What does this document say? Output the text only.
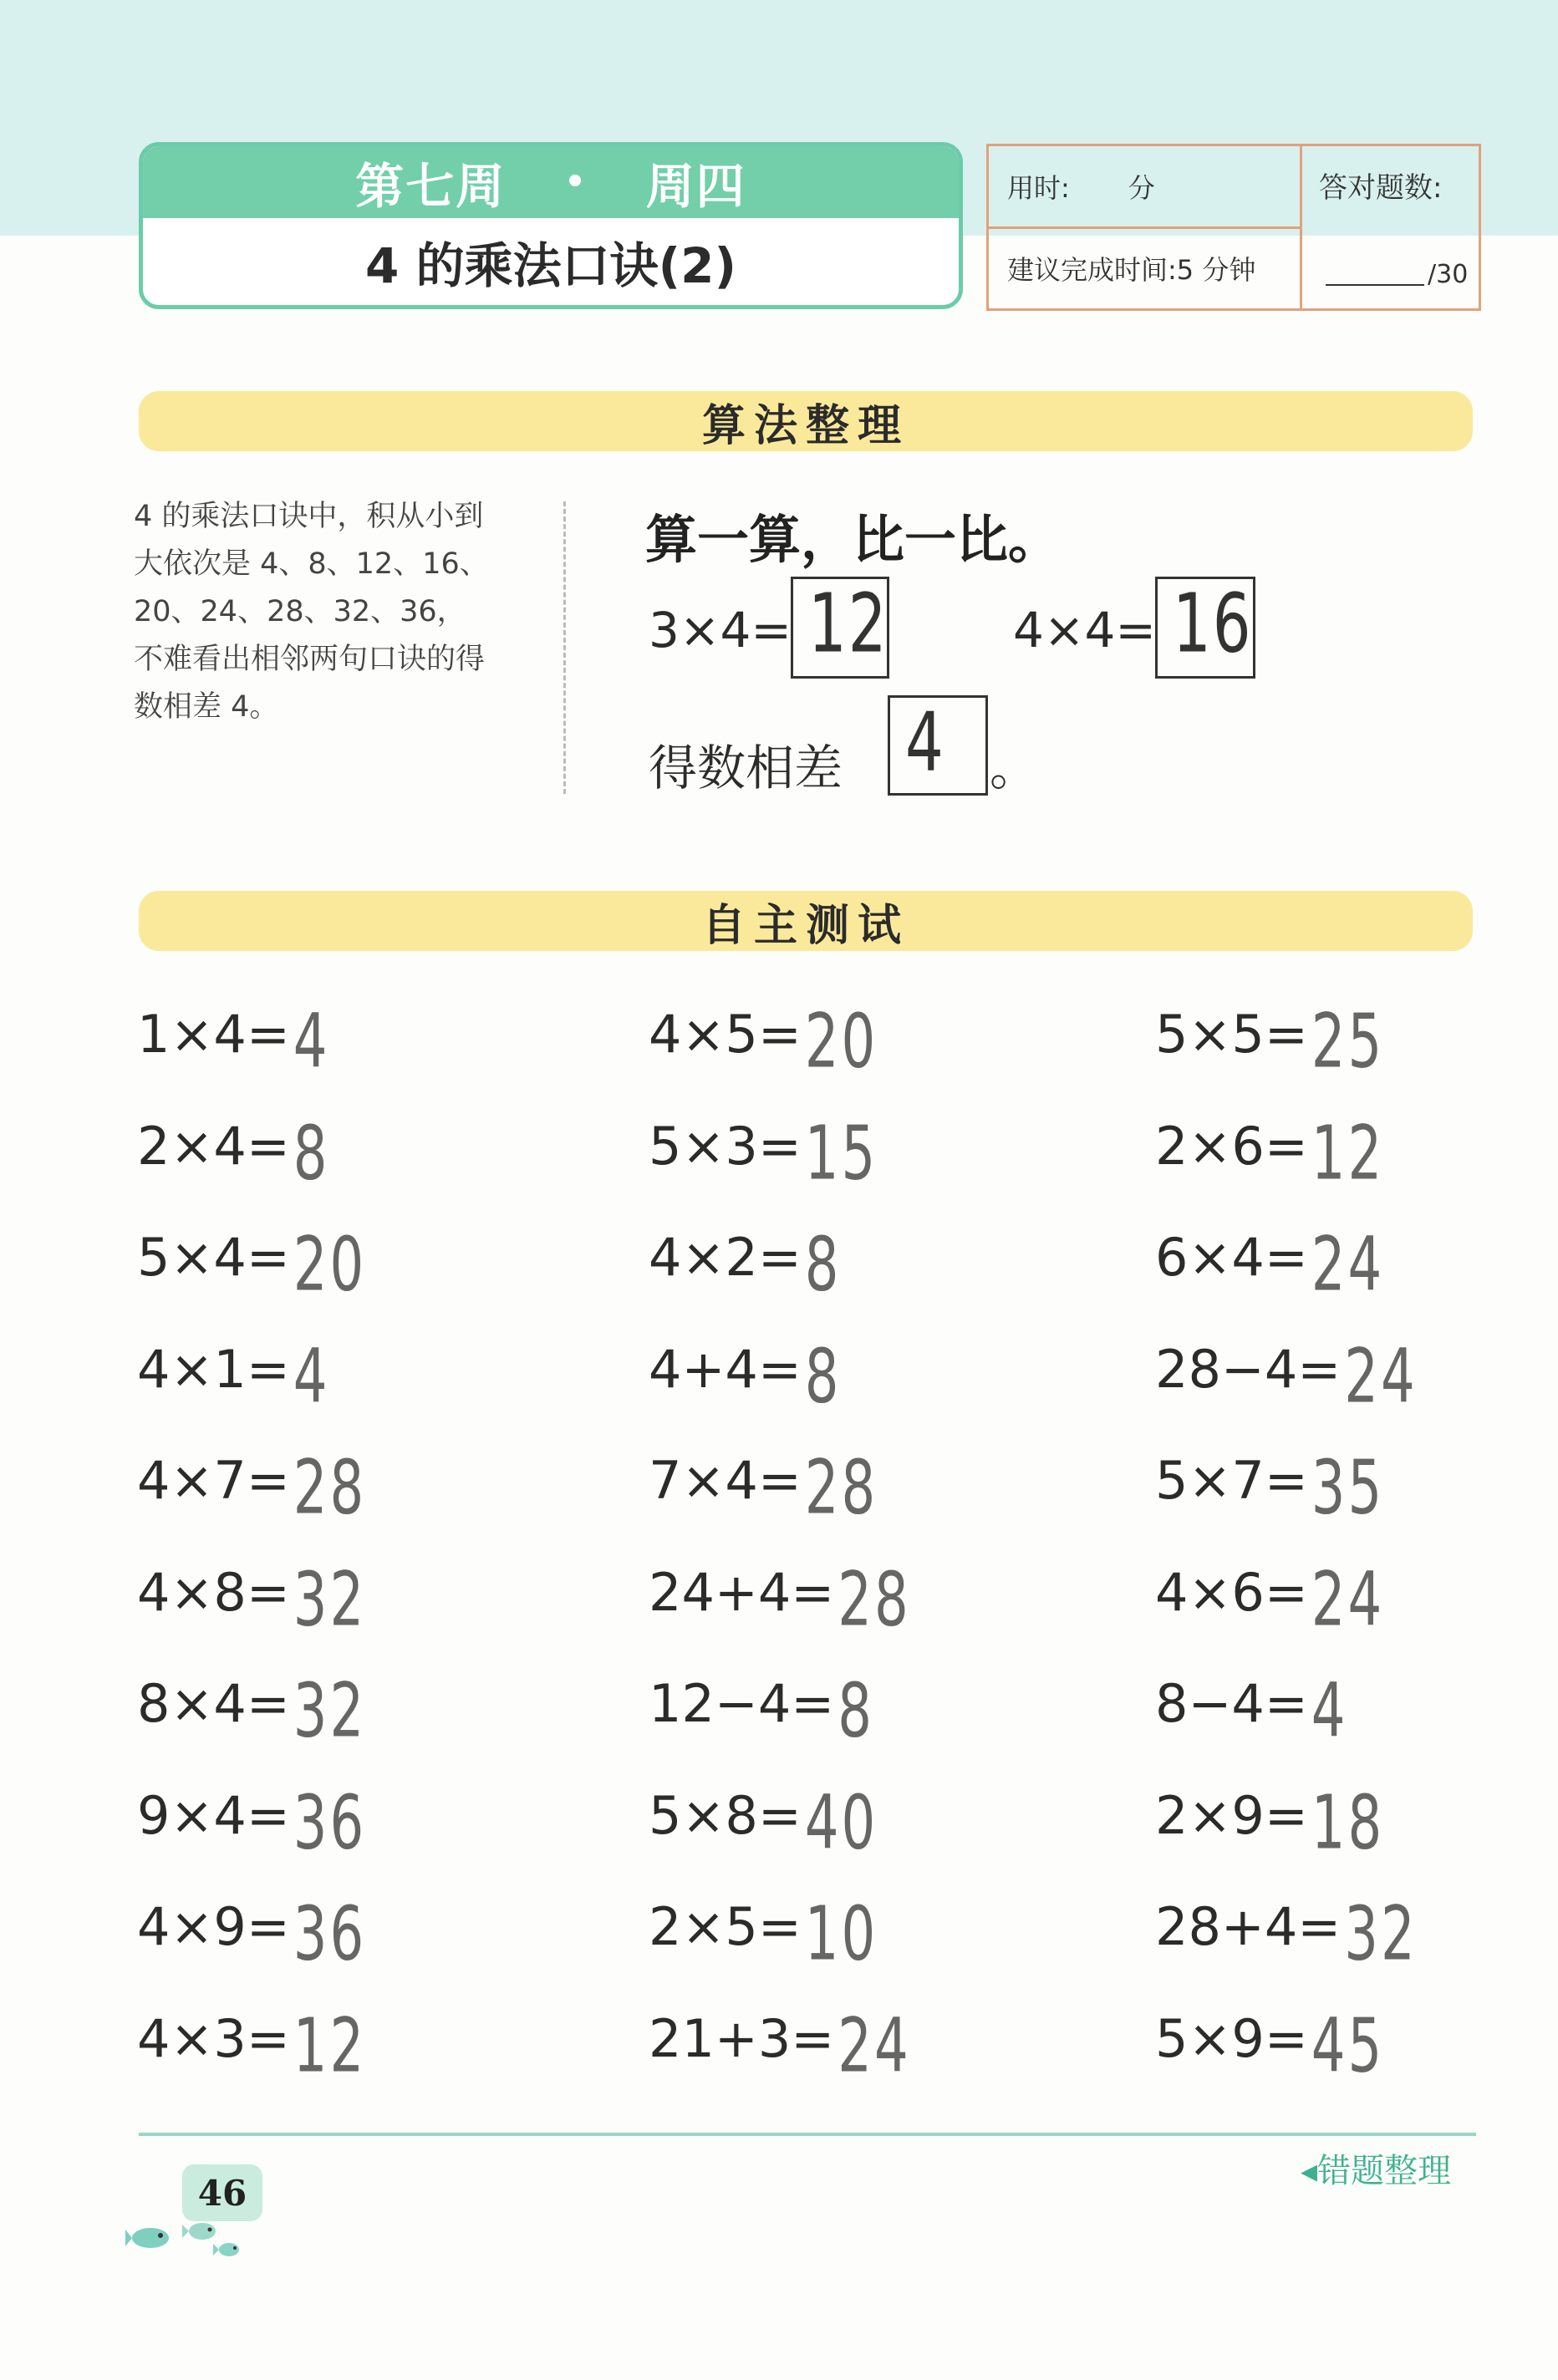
第七周 • 周四
4 的乘法口诀(2)
用时: 分
建议完成时间:5 分钟
答对题数:
/30
算法整理
4 的乘法口诀中，积从小到大依次是 4、8、12、16、20、24、28、32、36，不难看出相邻两句口诀的得数相差 4。
算一算，比一比。
3×4= 12	4×4= 16
得数相差 4 。
自主测试
1×4= 4
2×4= 8
5×4= 20
4×1= 4
4×7= 28
4×8= 32
8×4= 32
9×4= 36
4×9= 36
4×3= 12
4×5= 20
5×3= 15
4×2= 8
4+4= 8
7×4= 28
24+4= 28
12−4= 8
5×8= 40
2×5= 10
21+3= 24
5×5= 25
2×6= 12
6×4= 24
28−4= 24
5×7= 35
4×6= 24
8−4= 4
2×9= 18
28+4= 32
5×9= 45
46
◂错题整理
